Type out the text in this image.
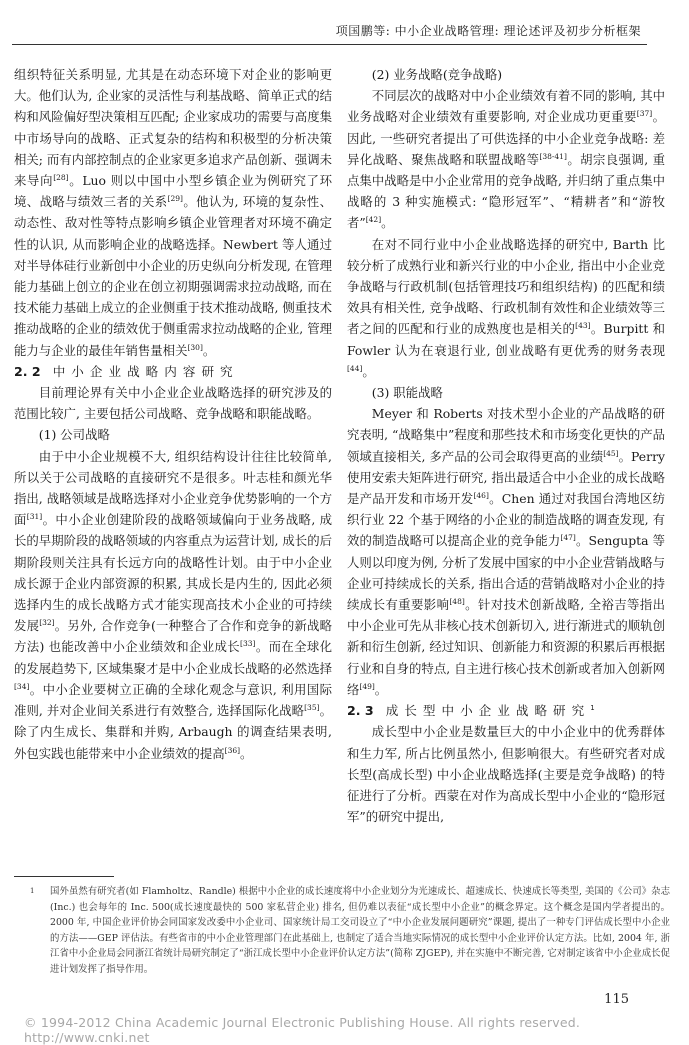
项国鹏等: 中小企业战略管理: 理论述评及初步分析框架

组织特征关系明显, 尤其是在动态环境下对企业的影响更大。他们认为, 企业家的灵活性与利基战略、简单正式的结构和风险偏好型决策相互匹配; 企业家成功的需要与高度集中市场导向的战略、正式复杂的结构和积极型的分析决策相关; 而有内部控制点的企业家更多追求产品创新、强调未来导向[28]。Luo 则以中国中小型乡镇企业为例研究了环境、战略与绩效三者的关系[29]。他认为, 环境的复杂性、动态性、敌对性等特点影响乡镇企业管理者对环境不确定性的认识, 从而影响企业的战略选择。Newbert 等人通过对半导体硅行业新创中小企业的历史纵向分析发现, 在管理能力基础上创立的企业在创立初期强调需求拉动战略, 而在技术能力基础上成立的企业侧重于技术推动战略, 侧重技术推动战略的企业的绩效优于侧重需求拉动战略的企业, 管理能力与企业的最佳年销售量相关[30]。

2. 2 中小企业战略内容研究

目前理论界有关中小企业企业战略选择的研究涉及的范围比较广, 主要包括公司战略、竞争战略和职能战略。

(1) 公司战略

由于中小企业规模不大, 组织结构设计往往比较简单, 所以关于公司战略的直接研究不是很多。叶志桂和颜光华指出, 战略领域是战略选择对小企业竞争优势影响的一个方面[31]。中小企业创建阶段的战略领域偏向于业务战略, 成长的早期阶段的战略领域的内容重点为运营计划, 成长的后期阶段则关注具有长远方向的战略性计划。由于中小企业成长源于企业内部资源的积累, 其成长是内生的, 因此必须选择内生的成长战略方式才能实现高技术小企业的可持续发展[32]。另外, 合作竞争(一种整合了合作和竞争的新战略方法) 也能改善中小企业绩效和企业成长[33]。而在全球化的发展趋势下, 区域集聚才是中小企业成长战略的必然选择[34]。中小企业要树立正确的全球化观念与意识, 利用国际准则, 并对企业间关系进行有效整合, 选择国际化战略[35]。除了内生成长、集群和并购, Arbaugh 的调查结果表明, 外包实践也能带来中小企业绩效的提高[36]。

(2) 业务战略(竞争战略)

不同层次的战略对中小企业绩效有着不同的影响, 其中业务战略对企业绩效有重要影响, 对企业成功更重要[37]。因此, 一些研究者提出了可供选择的中小企业竞争战略: 差异化战略、聚焦战略和联盟战略等[38-41]。胡宗良强调, 重点集中战略是中小企业常用的竞争战略, 并归纳了重点集中战略的 3 种实施模式: “隐形冠军”、“精耕者”和“游牧者”[42]。

在对不同行业中小企业战略选择的研究中, Barth 比较分析了成熟行业和新兴行业的中小企业, 指出中小企业竞争战略与行政机制(包括管理技巧和组织结构) 的匹配和绩效具有相关性, 竞争战略、行政机制有效性和企业绩效等三者之间的匹配和行业的成熟度也是相关的[43]。Burpitt 和 Fowler 认为在衰退行业, 创业战略有更优秀的财务表现[44]。

(3) 职能战略

Meyer 和 Roberts 对技术型小企业的产品战略的研究表明, “战略集中”程度和那些技术和市场变化更快的产品领域直接相关, 多产品的公司会取得更高的业绩[45]。Perry 使用安索夫矩阵进行研究, 指出最适合中小企业的成长战略是产品开发和市场开发[46]。Chen 通过对我国台湾地区纺织行业 22 个基于网络的小企业的制造战略的调查发现, 有效的制造战略可以提高企业的竞争能力[47]。Sengupta 等人则以印度为例, 分析了发展中国家的中小企业营销战略与企业可持续成长的关系, 指出合适的营销战略对小企业的持续成长有重要影响[48]。针对技术创新战略, 全裕吉等指出中小企业可先从非核心技术创新切入, 进行渐进式的顺轨创新和衍生创新, 经过知识、创新能力和资源的积累后再根据行业和自身的特点, 自主进行核心技术创新或者加入创新网络[49]。

2. 3 成长型中小企业战略研究$^1$

成长型中小企业是数量巨大的中小企业中的优秀群体和生力军, 所占比例虽然小, 但影响很大。有些研究者对成长型(高成长型) 中小企业战略选择(主要是竞争战略) 的特征进行了分析。西蒙在对作为高成长型中小企业的“隐形冠军”的研究中提出,

1	国外虽然有研究者(如 Flamholtz、Randle) 根据中小企业的成长速度将中小企业划分为光速成长、超速成长、快速成长等类型, 美国的《公司》杂志(Inc.) 也会每年的 Inc. 500(成长速度最快的 500 家私营企业) 排名, 但仍难以表征“成长型中小企业”的概念界定。这个概念是国内学者提出的。2000 年, 中国企业评价协会同国家发改委中小企业司、国家统计局工交司设立了“中小企业发展问题研究”课题, 提出了一种专门评估成长型中小企业的方法——GEP 评估法。有些省市的中小企业管理部门在此基础上, 也制定了适合当地实际情况的成长型中小企业评价认定方法。比如, 2004 年, 浙江省中小企业局会同浙江省统计局研究制定了“浙江成长型中小企业评价认定方法”(简称 ZJGEP), 并在实施中不断完善, 它对制定该省中小企业成长促进计划发挥了指导作用。
115
© 1994-2012 China Academic Journal Electronic Publishing House. All rights reserved. http://www.cnki.net
